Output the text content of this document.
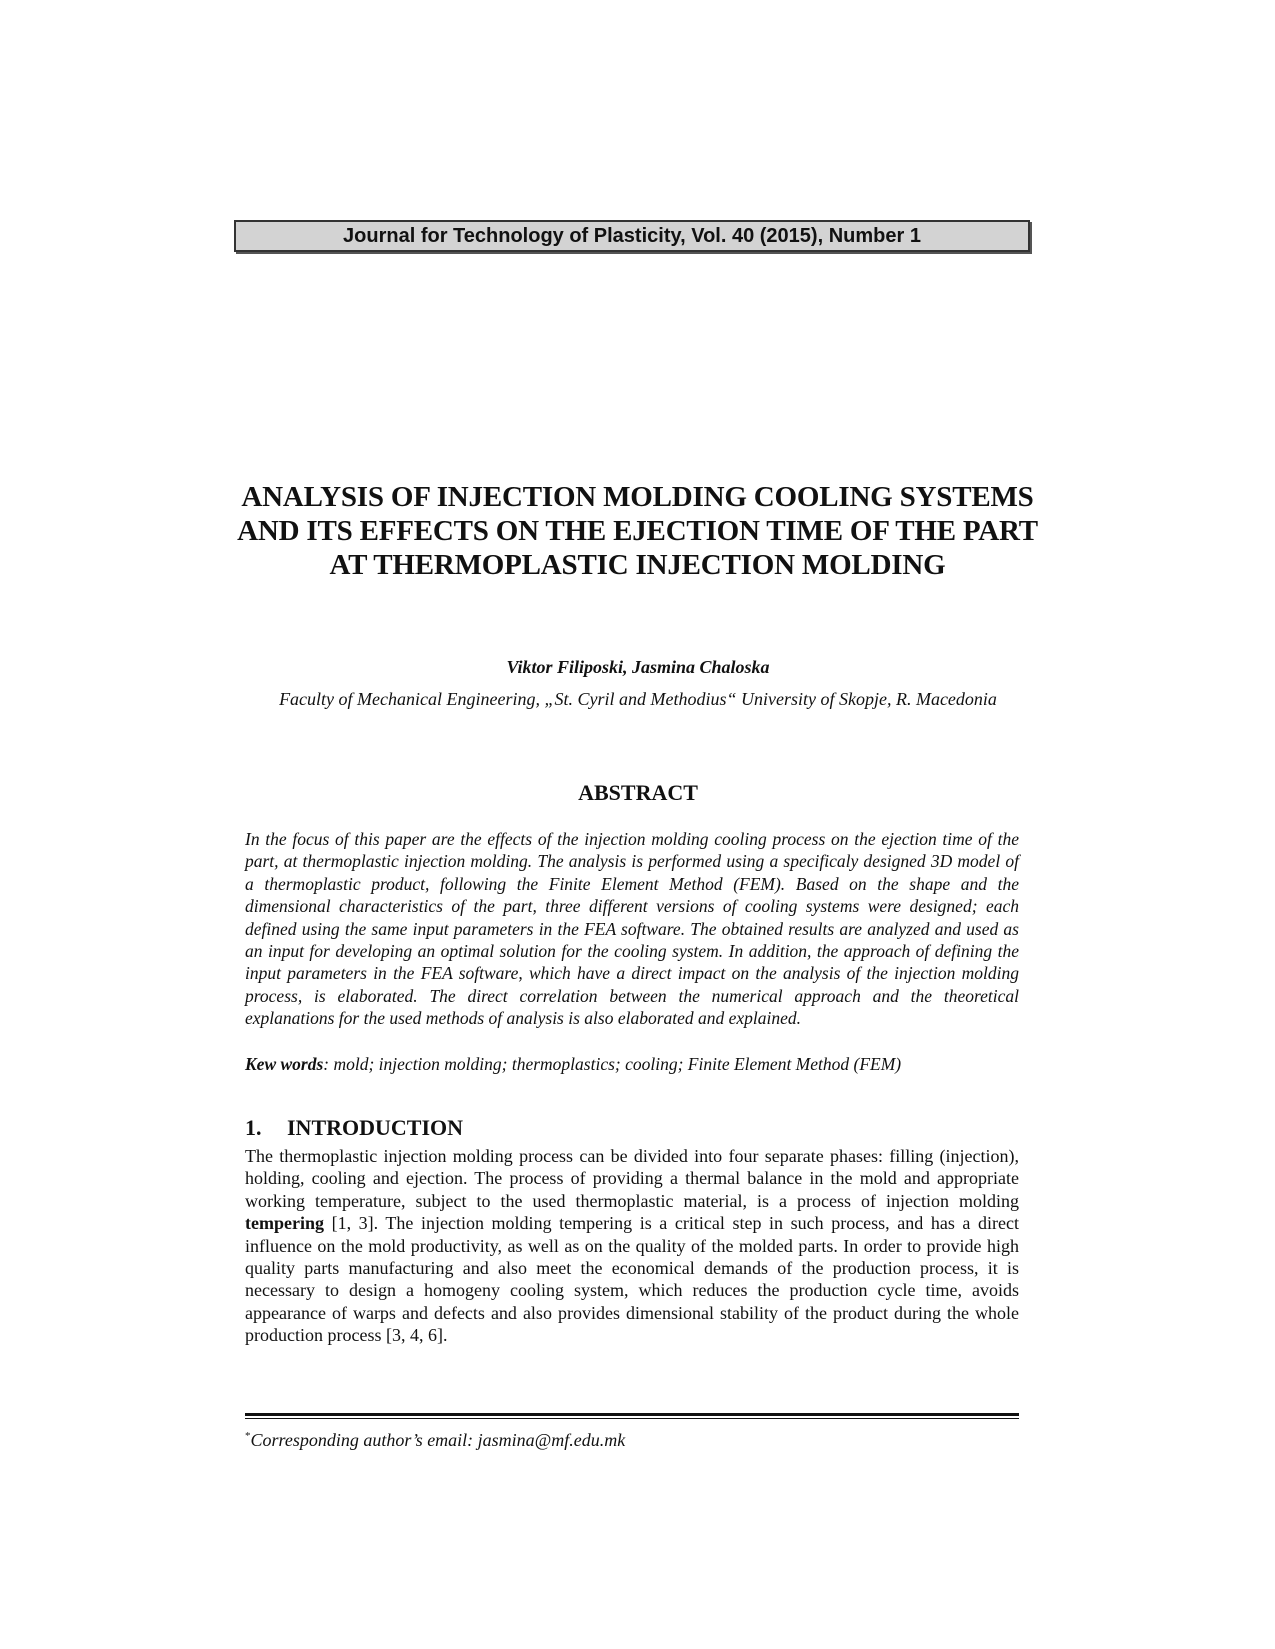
Journal for Technology of Plasticity, Vol. 40 (2015), Number 1
ANALYSIS OF INJECTION MOLDING COOLING SYSTEMS AND ITS EFFECTS ON THE EJECTION TIME OF THE PART AT THERMOPLASTIC INJECTION MOLDING
Viktor Filiposki, Jasmina Chaloska
Faculty of Mechanical Engineering, „St. Cyril and Methodius“ University of Skopje, R. Macedonia
ABSTRACT

In the focus of this paper are the effects of the injection molding cooling process on the ejection time of the part, at thermoplastic injection molding. The analysis is performed using a specificaly designed 3D model of a thermoplastic product, following the Finite Element Method (FEM). Based on the shape and the dimensional characteristics of the part, three different versions of cooling systems were designed; each defined using the same input parameters in the FEA software. The obtained results are analyzed and used as an input for developing an optimal solution for the cooling system. In addition, the approach of defining the input parameters in the FEA software, which have a direct impact on the analysis of the injection molding process, is elaborated. The direct correlation between the numerical approach and the theoretical explanations for the used methods of analysis is also elaborated and explained.

Kew words: mold; injection molding; thermoplastics; cooling; Finite Element Method (FEM)

1. INTRODUCTION

The thermoplastic injection molding process can be divided into four separate phases: filling (injection), holding, cooling and ejection. The process of providing a thermal balance in the mold and appropriate working temperature, subject to the used thermoplastic material, is a process of injection molding tempering [1, 3]. The injection molding tempering is a critical step in such process, and has a direct influence on the mold productivity, as well as on the quality of the molded parts. In order to provide high quality parts manufacturing and also meet the economical demands of the production process, it is necessary to design a homogeny cooling system, which reduces the production cycle time, avoids appearance of warps and defects and also provides dimensional stability of the product during the whole production process [3, 4, 6].

*Corresponding author’s email: jasmina@mf.edu.mk
